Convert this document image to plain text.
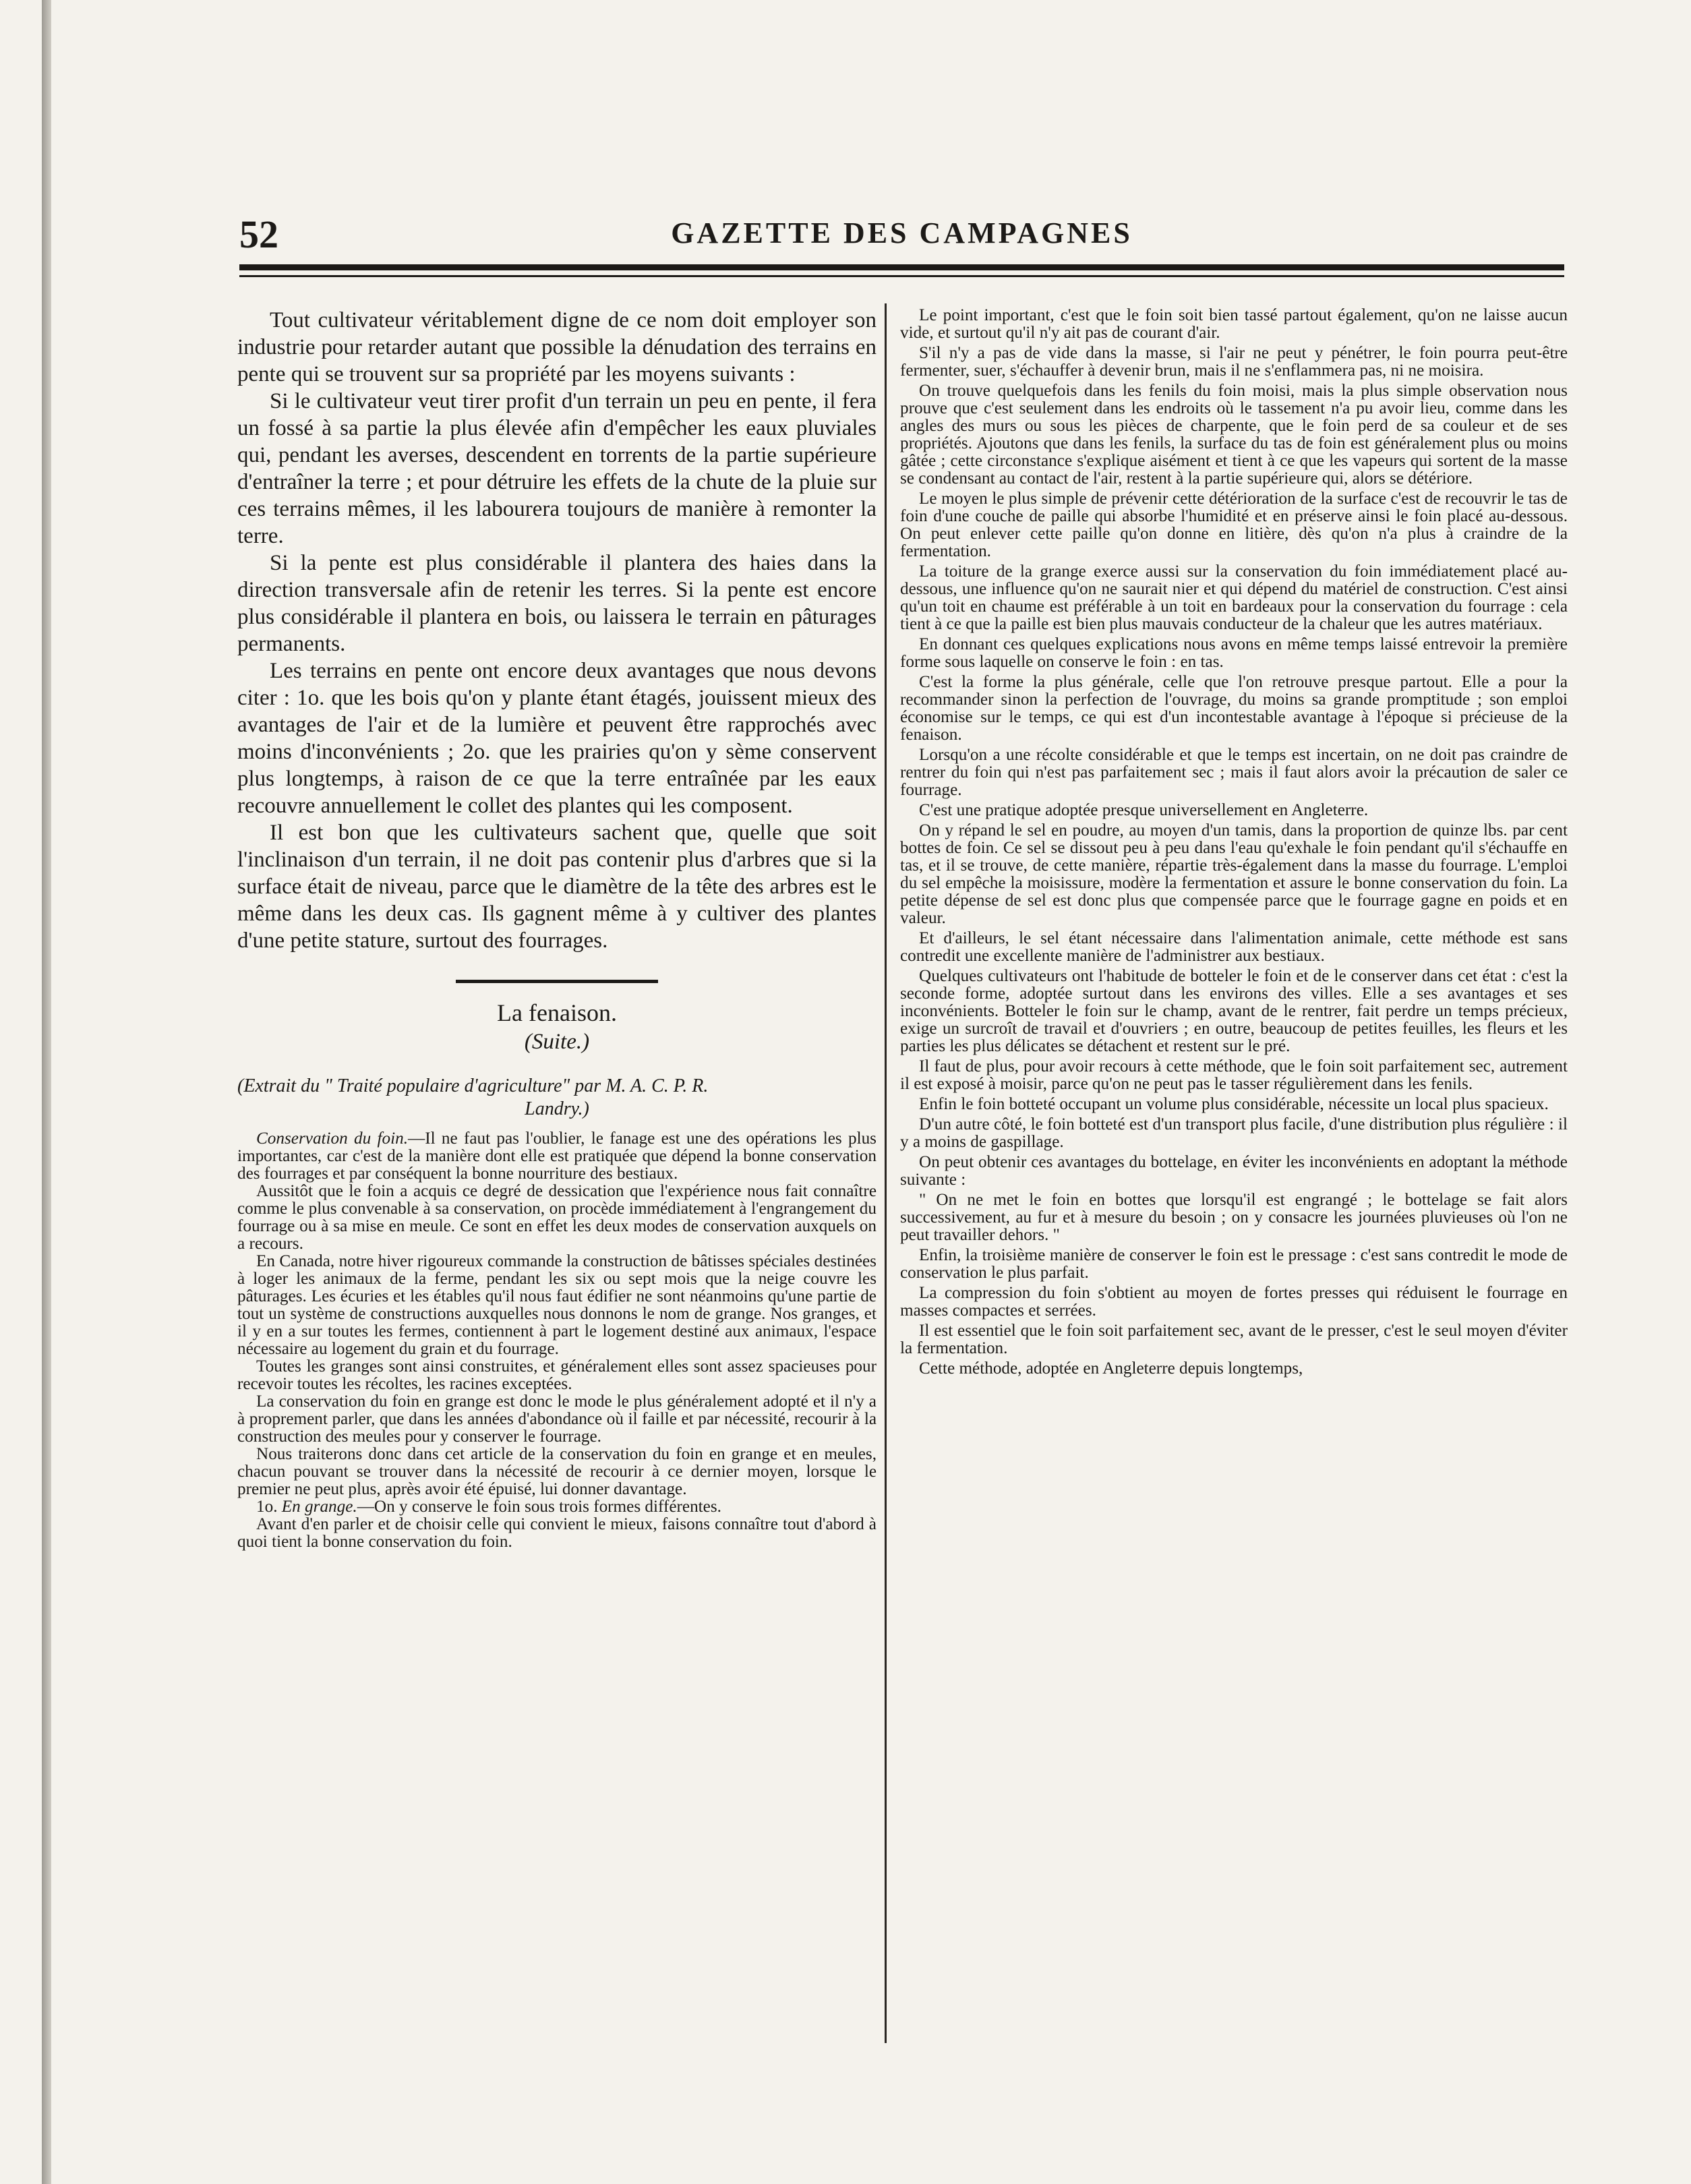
52	GAZETTE DES CAMPAGNES

Tout cultivateur véritablement digne de ce nom doit employer son industrie pour retarder autant que possible la dénudation des terrains en pente qui se trouvent sur sa propriété par les moyens suivants :

Si le cultivateur veut tirer profit d'un terrain un peu en pente, il fera un fossé à sa partie la plus élevée afin d'empêcher les eaux pluviales qui, pendant les averses, descendent en torrents de la partie supérieure d'entraîner la terre ; et pour détruire les effets de la chute de la pluie sur ces terrains mêmes, il les labourera toujours de manière à remonter la terre.

Si la pente est plus considérable il plantera des haies dans la direction transversale afin de retenir les terres. Si la pente est encore plus considérable il plantera en bois, ou laissera le terrain en pâturages permanents.

Les terrains en pente ont encore deux avantages que nous devons citer : 1o. que les bois qu'on y plante étant étagés, jouissent mieux des avantages de l'air et de la lumière et peuvent être rapprochés avec moins d'inconvénients ; 2o. que les prairies qu'on y sème conservent plus longtemps, à raison de ce que la terre entraînée par les eaux recouvre annuellement le collet des plantes qui les composent.

Il est bon que les cultivateurs sachent que, quelle que soit l'inclinaison d'un terrain, il ne doit pas contenir plus d'arbres que si la surface était de niveau, parce que le diamètre de la tête des arbres est le même dans les deux cas. Ils gagnent même à y cultiver des plantes d'une petite stature, surtout des fourrages.

La fenaison.

(Suite.)

(Extrait du " Traité populaire d'agriculture" par M. A. C. P. R.
Landry.)

Conservation du foin.—Il ne faut pas l'oublier, le fanage est une des opérations les plus importantes, car c'est de la manière dont elle est pratiquée que dépend la bonne conservation des fourrages et par conséquent la bonne nourriture des bestiaux.

Aussitôt que le foin a acquis ce degré de dessication que l'expérience nous fait connaître comme le plus convenable à sa conservation, on procède immédiatement à l'engrangement du fourrage ou à sa mise en meule. Ce sont en effet les deux modes de conservation auxquels on a recours.

En Canada, notre hiver rigoureux commande la construction de bâtisses spéciales destinées à loger les animaux de la ferme, pendant les six ou sept mois que la neige couvre les pâturages. Les écuries et les étables qu'il nous faut édifier ne sont néanmoins qu'une partie de tout un système de constructions auxquelles nous donnons le nom de grange. Nos granges, et il y en a sur toutes les fermes, contiennent à part le logement destiné aux animaux, l'espace nécessaire au logement du grain et du fourrage.

Toutes les granges sont ainsi construites, et généralement elles sont assez spacieuses pour recevoir toutes les récoltes, les racines exceptées.

La conservation du foin en grange est donc le mode le plus généralement adopté et il n'y a à proprement parler, que dans les années d'abondance où il faille et par nécessité, recourir à la construction des meules pour y conserver le fourrage.

Nous traiterons donc dans cet article de la conservation du foin en grange et en meules, chacun pouvant se trouver dans la nécessité de recourir à ce dernier moyen, lorsque le premier ne peut plus, après avoir été épuisé, lui donner davantage.

1o. En grange.—On y conserve le foin sous trois formes différentes.

Avant d'en parler et de choisir celle qui convient le mieux, faisons connaître tout d'abord à quoi tient la bonne conservation du foin.

Le point important, c'est que le foin soit bien tassé partout également, qu'on ne laisse aucun vide, et surtout qu'il n'y ait pas de courant d'air.

S'il n'y a pas de vide dans la masse, si l'air ne peut y pénétrer, le foin pourra peut-être fermenter, suer, s'échauffer à devenir brun, mais il ne s'enflammera pas, ni ne moisira.

On trouve quelquefois dans les fenils du foin moisi, mais la plus simple observation nous prouve que c'est seulement dans les endroits où le tassement n'a pu avoir lieu, comme dans les angles des murs ou sous les pièces de charpente, que le foin perd de sa couleur et de ses propriétés. Ajoutons que dans les fenils, la surface du tas de foin est généralement plus ou moins gâtée ; cette circonstance s'explique aisément et tient à ce que les vapeurs qui sortent de la masse se condensant au contact de l'air, restent à la partie supérieure qui, alors se détériore.

Le moyen le plus simple de prévenir cette détérioration de la surface c'est de recouvrir le tas de foin d'une couche de paille qui absorbe l'humidité et en préserve ainsi le foin placé au-dessous. On peut enlever cette paille qu'on donne en litière, dès qu'on n'a plus à craindre de la fermentation.

La toiture de la grange exerce aussi sur la conservation du foin immédiatement placé au-dessous, une influence qu'on ne saurait nier et qui dépend du matériel de construction. C'est ainsi qu'un toit en chaume est préférable à un toit en bardeaux pour la conservation du fourrage : cela tient à ce que la paille est bien plus mauvais conducteur de la chaleur que les autres matériaux.

En donnant ces quelques explications nous avons en même temps laissé entrevoir la première forme sous laquelle on conserve le foin : en tas.

C'est la forme la plus générale, celle que l'on retrouve presque partout. Elle a pour la recommander sinon la perfection de l'ouvrage, du moins sa grande promptitude ; son emploi économise sur le temps, ce qui est d'un incontestable avantage à l'époque si précieuse de la fenaison.

Lorsqu'on a une récolte considérable et que le temps est incertain, on ne doit pas craindre de rentrer du foin qui n'est pas parfaitement sec ; mais il faut alors avoir la précaution de saler ce fourrage.

C'est une pratique adoptée presque universellement en Angleterre.

On y répand le sel en poudre, au moyen d'un tamis, dans la proportion de quinze lbs. par cent bottes de foin. Ce sel se dissout peu à peu dans l'eau qu'exhale le foin pendant qu'il s'échauffe en tas, et il se trouve, de cette manière, répartie très-également dans la masse du fourrage. L'emploi du sel empêche la moisissure, modère la fermentation et assure le bonne conservation du foin. La petite dépense de sel est donc plus que compensée parce que le fourrage gagne en poids et en valeur.

Et d'ailleurs, le sel étant nécessaire dans l'alimentation animale, cette méthode est sans contredit une excellente manière de l'administrer aux bestiaux.

Quelques cultivateurs ont l'habitude de botteler le foin et de le conserver dans cet état : c'est la seconde forme, adoptée surtout dans les environs des villes. Elle a ses avantages et ses inconvénients. Botteler le foin sur le champ, avant de le rentrer, fait perdre un temps précieux, exige un surcroît de travail et d'ouvriers ; en outre, beaucoup de petites feuilles, les fleurs et les parties les plus délicates se détachent et restent sur le pré.

Il faut de plus, pour avoir recours à cette méthode, que le foin soit parfaitement sec, autrement il est exposé à moisir, parce qu'on ne peut pas le tasser régulièrement dans les fenils.

Enfin le foin botteté occupant un volume plus considérable, nécessite un local plus spacieux.

D'un autre côté, le foin botteté est d'un transport plus facile, d'une distribution plus régulière : il y a moins de gaspillage.

On peut obtenir ces avantages du bottelage, en éviter les inconvénients en adoptant la méthode suivante :

" On ne met le foin en bottes que lorsqu'il est engrangé ; le bottelage se fait alors successivement, au fur et à mesure du besoin ; on y consacre les journées pluvieuses où l'on ne peut travailler dehors. "

Enfin, la troisième manière de conserver le foin est le pressage : c'est sans contredit le mode de conservation le plus parfait.

La compression du foin s'obtient au moyen de fortes presses qui réduisent le fourrage en masses compactes et serrées.

Il est essentiel que le foin soit parfaitement sec, avant de le presser, c'est le seul moyen d'éviter la fermentation.

Cette méthode, adoptée en Angleterre depuis longtemps,
